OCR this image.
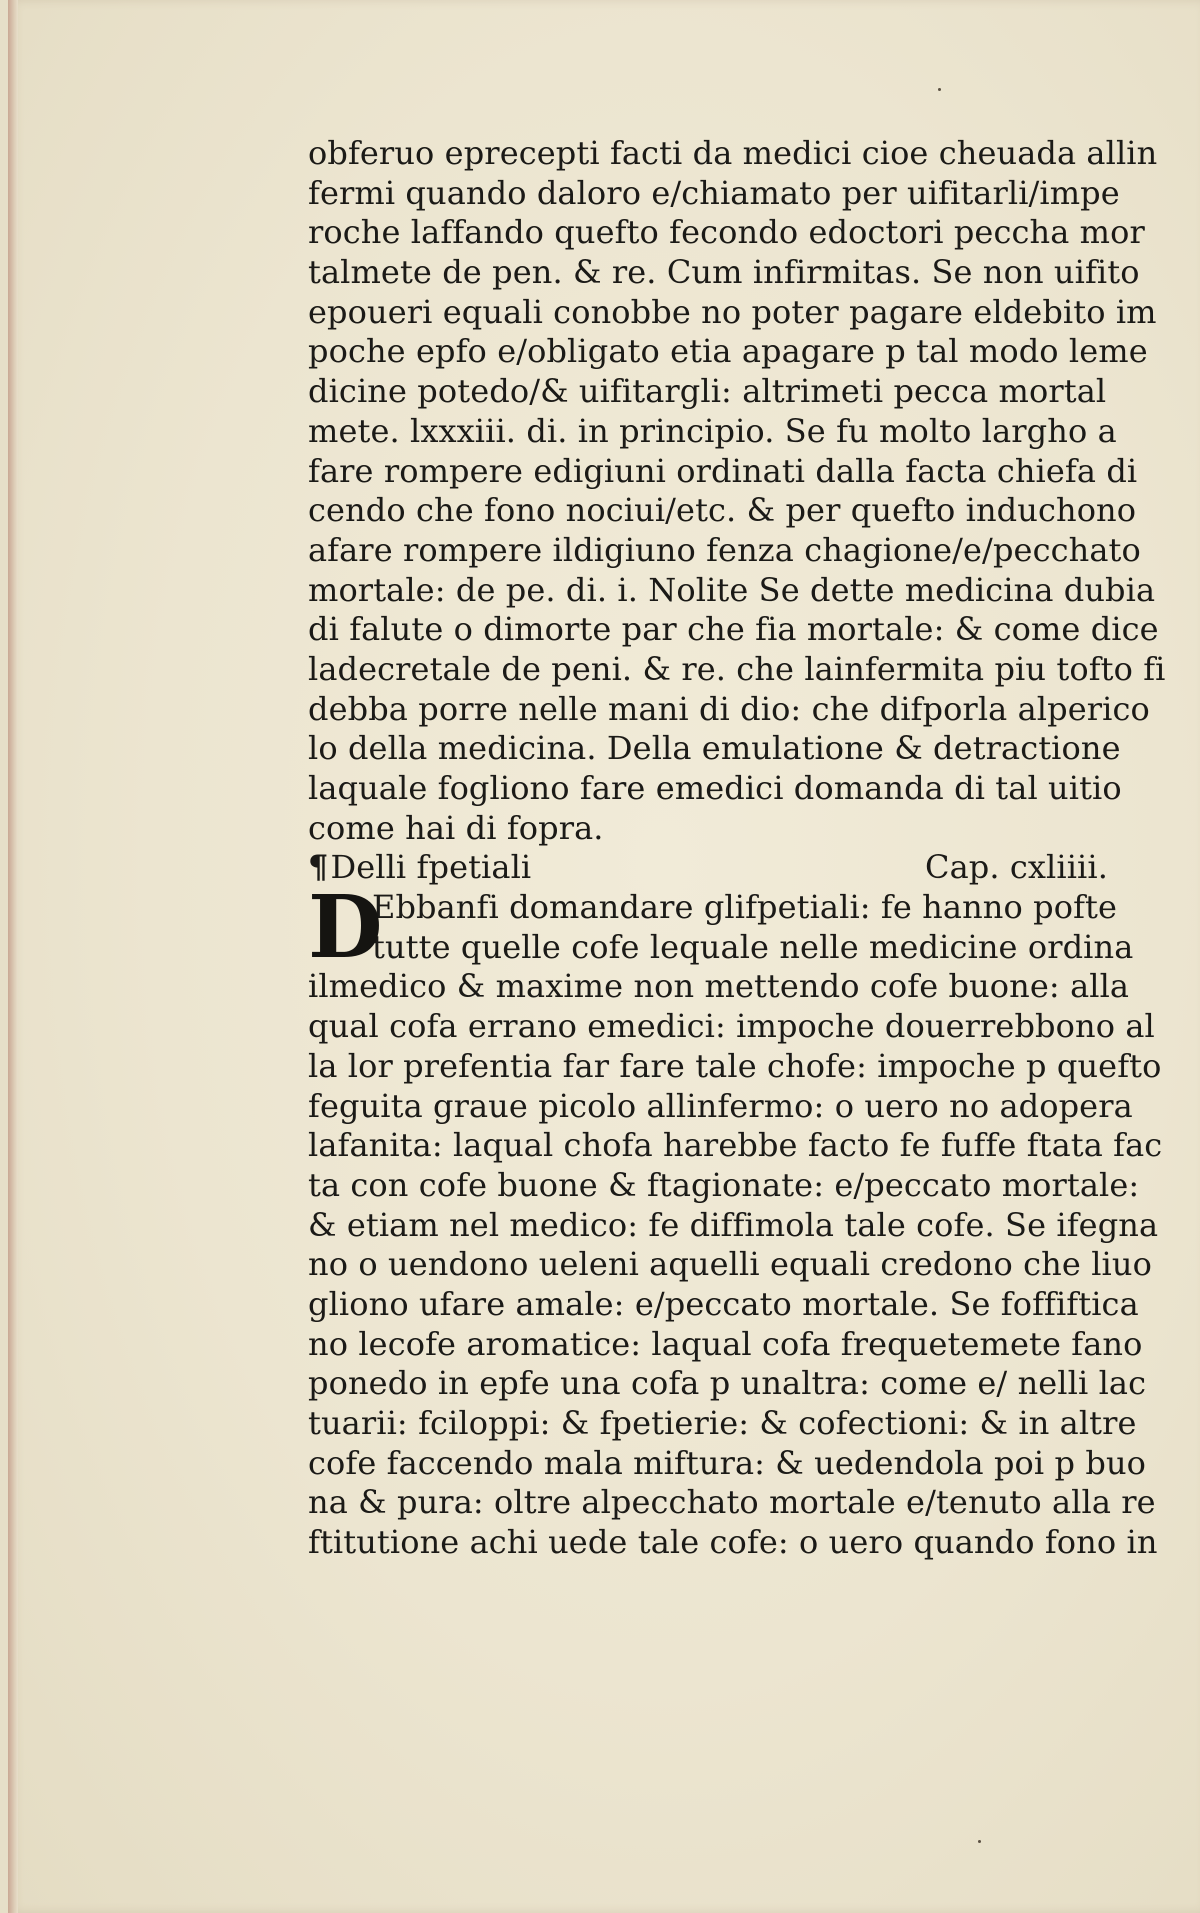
obferuo eprecepti facti da medici cioe cheuada allin
fermi quando daloro e/chiamato per uifitarli/impe
roche laffando quefto fecondo edoctori peccha mor
talmete de pen. & re. Cum infirmitas. Se non uifito
epoueri equali conobbe no poter pagare eldebito im
poche epfo e/obligato etia apagare p tal modo leme
dicine potedo/& uifitargli: altrimeti pecca mortal
mete. lxxxiii. di. in principio. Se fu molto largho a
fare rompere edigiuni ordinati dalla facta chiefa di
cendo che fono nociui/etc. & per quefto induchono
afare rompere ildigiuno fenza chagione/e/pecchato
mortale: de pe. di. i. Nolite Se dette medicina dubia
di falute o dimorte par che fia mortale: & come dice
ladecretale de peni. & re. che lainfermita piu tofto fi
debba porre nelle mani di dio: che difporla alperico
lo della medicina. Della emulatione & detractione
laquale fogliono fare emedici domanda di tal uitio
come hai di fopra.
¶Delli fpetiali	Cap. cxliiii.
D
Ebbanfi domandare glifpetiali: fe hanno pofte
tutte quelle cofe lequale nelle medicine ordina
ilmedico & maxime non mettendo cofe buone: alla
qual cofa errano emedici: impoche douerrebbono al
la lor prefentia far fare tale chofe: impoche p quefto
feguita graue picolo allinfermo: o uero no adopera
lafanita: laqual chofa harebbe facto fe fuffe ftata fac
ta con cofe buone & ftagionate: e/peccato mortale:
& etiam nel medico: fe diffimola tale cofe. Se ifegna
no o uendono ueleni aquelli equali credono che liuo
gliono ufare amale: e/peccato mortale. Se foffiftica
no lecofe aromatice: laqual cofa frequetemete fano
ponedo in epfe una cofa p unaltra: come e/ nelli lac
tuarii: fciloppi: & fpetierie: & cofectioni: & in altre
cofe faccendo mala miftura: & uedendola poi p buo
na & pura: oltre alpecchato mortale e/tenuto alla re
ftitutione achi uede tale cofe: o uero quando fono in
